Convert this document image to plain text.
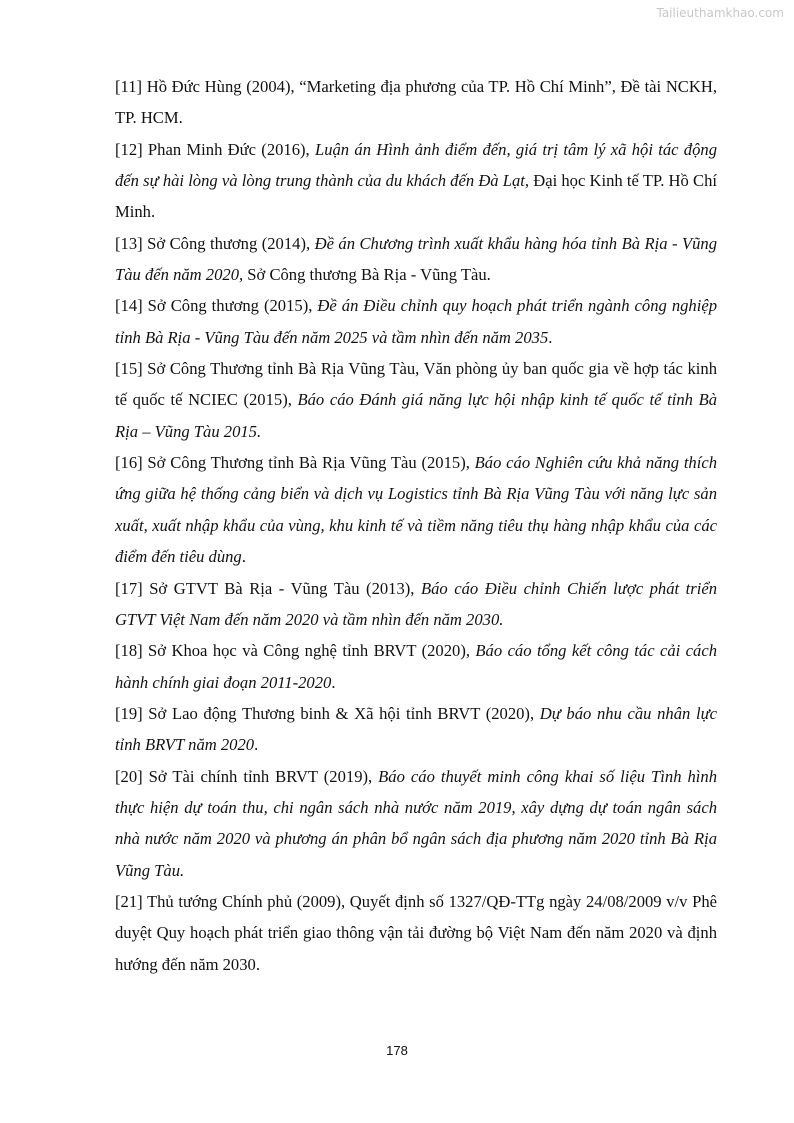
Tailieuthamkhao.com

[11] Hồ Đức Hùng (2004), “Marketing địa phương của TP. Hồ Chí Minh”, Đề tài NCKH, TP. HCM.

[12] Phan Minh Đức (2016), Luận án Hình ảnh điểm đến, giá trị tâm lý xã hội tác động đến sự hài lòng và lòng trung thành của du khách đến Đà Lạt, Đại học Kinh tế TP. Hồ Chí Minh.

[13] Sở Công thương (2014), Đề án Chương trình xuất khẩu hàng hóa tỉnh Bà Rịa - Vũng Tàu đến năm 2020, Sở Công thương Bà Rịa - Vũng Tàu.

[14] Sở Công thương (2015), Đề án Điều chỉnh quy hoạch phát triển ngành công nghiệp tỉnh Bà Rịa - Vũng Tàu đến năm 2025 và tầm nhìn đến năm 2035.

[15] Sở Công Thương tỉnh Bà Rịa Vũng Tàu, Văn phòng ủy ban quốc gia về hợp tác kinh tế quốc tế NCIEC (2015), Báo cáo Đánh giá năng lực hội nhập kinh tế quốc tế tỉnh Bà Rịa – Vũng Tàu 2015.

[16] Sở Công Thương tỉnh Bà Rịa Vũng Tàu (2015), Báo cáo Nghiên cứu khả năng thích ứng giữa hệ thống cảng biển và dịch vụ Logistics tỉnh Bà Rịa Vũng Tàu với năng lực sản xuất, xuất nhập khẩu của vùng, khu kinh tế và tiềm năng tiêu thụ hàng nhập khẩu của các điểm đến tiêu dùng.

[17] Sở GTVT Bà Rịa - Vũng Tàu (2013), Báo cáo Điều chỉnh Chiến lược phát triển GTVT Việt Nam đến năm 2020 và tầm nhìn đến năm 2030.

[18] Sở Khoa học và Công nghệ tỉnh BRVT (2020), Báo cáo tổng kết công tác cải cách hành chính giai đoạn 2011-2020.

[19] Sở Lao động Thương binh & Xã hội tỉnh BRVT (2020), Dự báo nhu cầu nhân lực tỉnh BRVT năm 2020.

[20] Sở Tài chính tỉnh BRVT (2019), Báo cáo thuyết minh công khai số liệu Tình hình thực hiện dự toán thu, chi ngân sách nhà nước năm 2019, xây dựng dự toán ngân sách nhà nước năm 2020 và phương án phân bổ ngân sách địa phương năm 2020 tỉnh Bà Rịa Vũng Tàu.

[21] Thủ tướng Chính phủ (2009), Quyết định số 1327/QĐ-TTg ngày 24/08/2009 v/v Phê duyệt Quy hoạch phát triển giao thông vận tải đường bộ Việt Nam đến năm 2020 và định hướng đến năm 2030.

178
